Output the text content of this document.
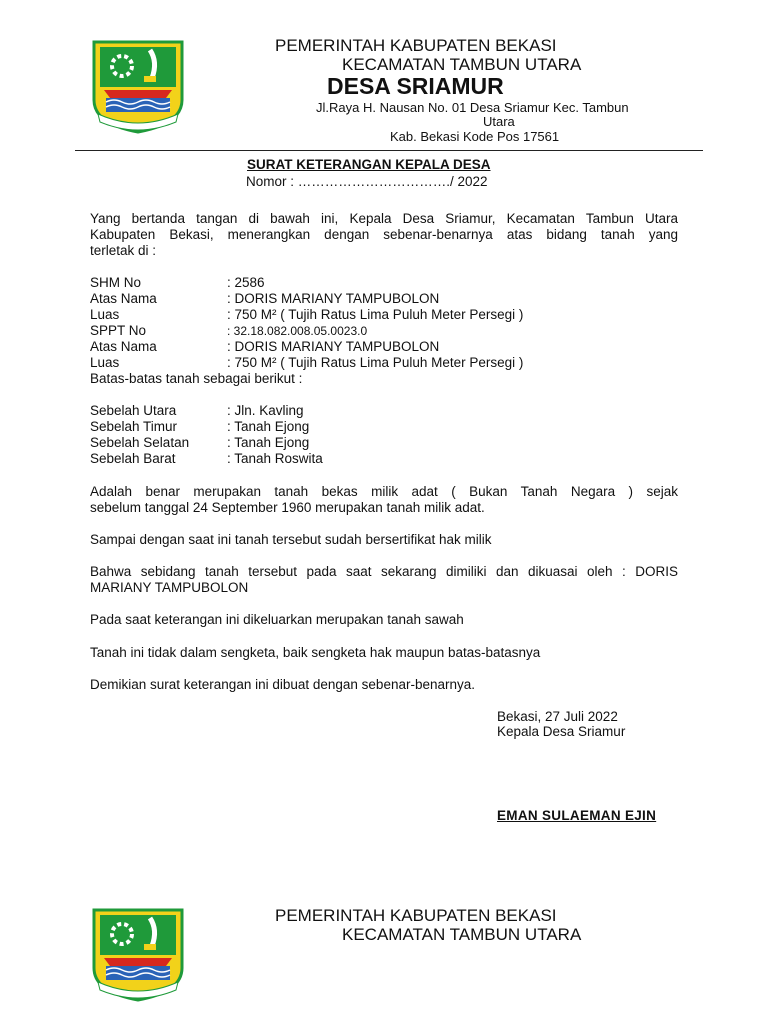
PEMERINTAH KABUPATEN BEKASI
KECAMATAN TAMBUN UTARA
DESA SRIAMUR
Jl.Raya H. Nausan No. 01 Desa Sriamur Kec. Tambun
Utara
Kab. Bekasi Kode Pos 17561
SURAT KETERANGAN KEPALA DESA
Nomor : ……………………………./ 2022
Yang bertanda tangan di bawah ini, Kepala Desa Sriamur, Kecamatan Tambun Utara
Kabupaten Bekasi, menerangkan dengan sebenar-benarnya atas bidang tanah yang
terletak di :
SHM No	: 2586
Atas Nama	: DORIS MARIANY TAMPUBOLON
Luas	: 750 M² ( Tujih Ratus Lima Puluh Meter Persegi )
SPPT No	: 32.18.082.008.05.0023.0
Atas Nama	: DORIS MARIANY TAMPUBOLON
Luas	: 750 M² ( Tujih Ratus Lima Puluh Meter Persegi )
Batas-batas tanah sebagai berikut :
Sebelah Utara	: Jln. Kavling
Sebelah Timur	: Tanah Ejong
Sebelah Selatan	: Tanah Ejong
Sebelah Barat	: Tanah Roswita
Adalah benar merupakan tanah bekas milik adat ( Bukan Tanah Negara ) sejak
sebelum tanggal 24 September 1960 merupakan tanah milik adat.
Sampai dengan saat ini tanah tersebut sudah bersertifikat hak milik
Bahwa sebidang tanah tersebut pada saat sekarang dimiliki dan dikuasai oleh : DORIS
MARIANY TAMPUBOLON
Pada saat keterangan ini dikeluarkan merupakan tanah sawah
Tanah ini tidak dalam sengketa, baik sengketa hak maupun batas-batasnya
Demikian surat keterangan ini dibuat dengan sebenar-benarnya.
Bekasi, 27 Juli 2022
Kepala Desa Sriamur
EMAN SULAEMAN EJIN
PEMERINTAH KABUPATEN BEKASI
KECAMATAN TAMBUN UTARA
